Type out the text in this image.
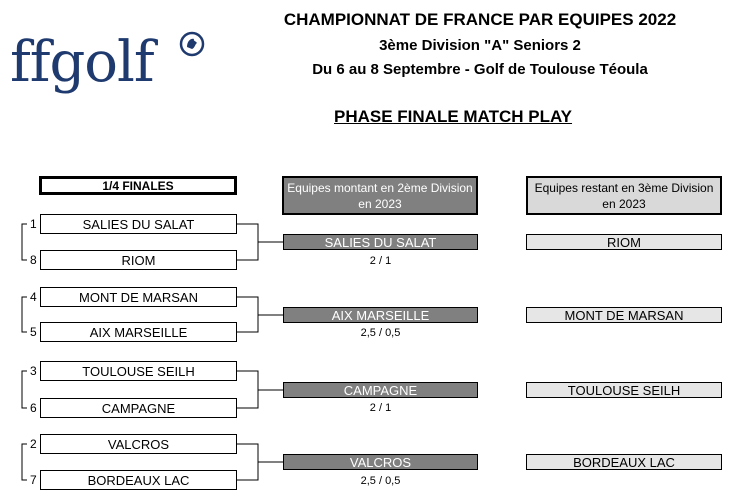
ffgolf
CHAMPIONNAT DE FRANCE PAR EQUIPES 2022
3ème Division "A" Seniors 2
Du 6 au 8 Septembre - Golf de Toulouse Téoula
PHASE FINALE MATCH PLAY
1/4 FINALES	Equipes montant en 2ème Division en 2023
Equipes restant en 3ème Division en 2023
1	SALIES DU SALAT
8	RIOM
SALIES DU SALAT
2 / 1
RIOM
4	MONT DE MARSAN
5	AIX MARSEILLE
AIX MARSEILLE
2,5 / 0,5
MONT DE MARSAN
3	TOULOUSE SEILH
6	CAMPAGNE
CAMPAGNE
2 / 1
TOULOUSE SEILH
2	VALCROS
7	BORDEAUX LAC
VALCROS
2,5 / 0,5
BORDEAUX LAC
